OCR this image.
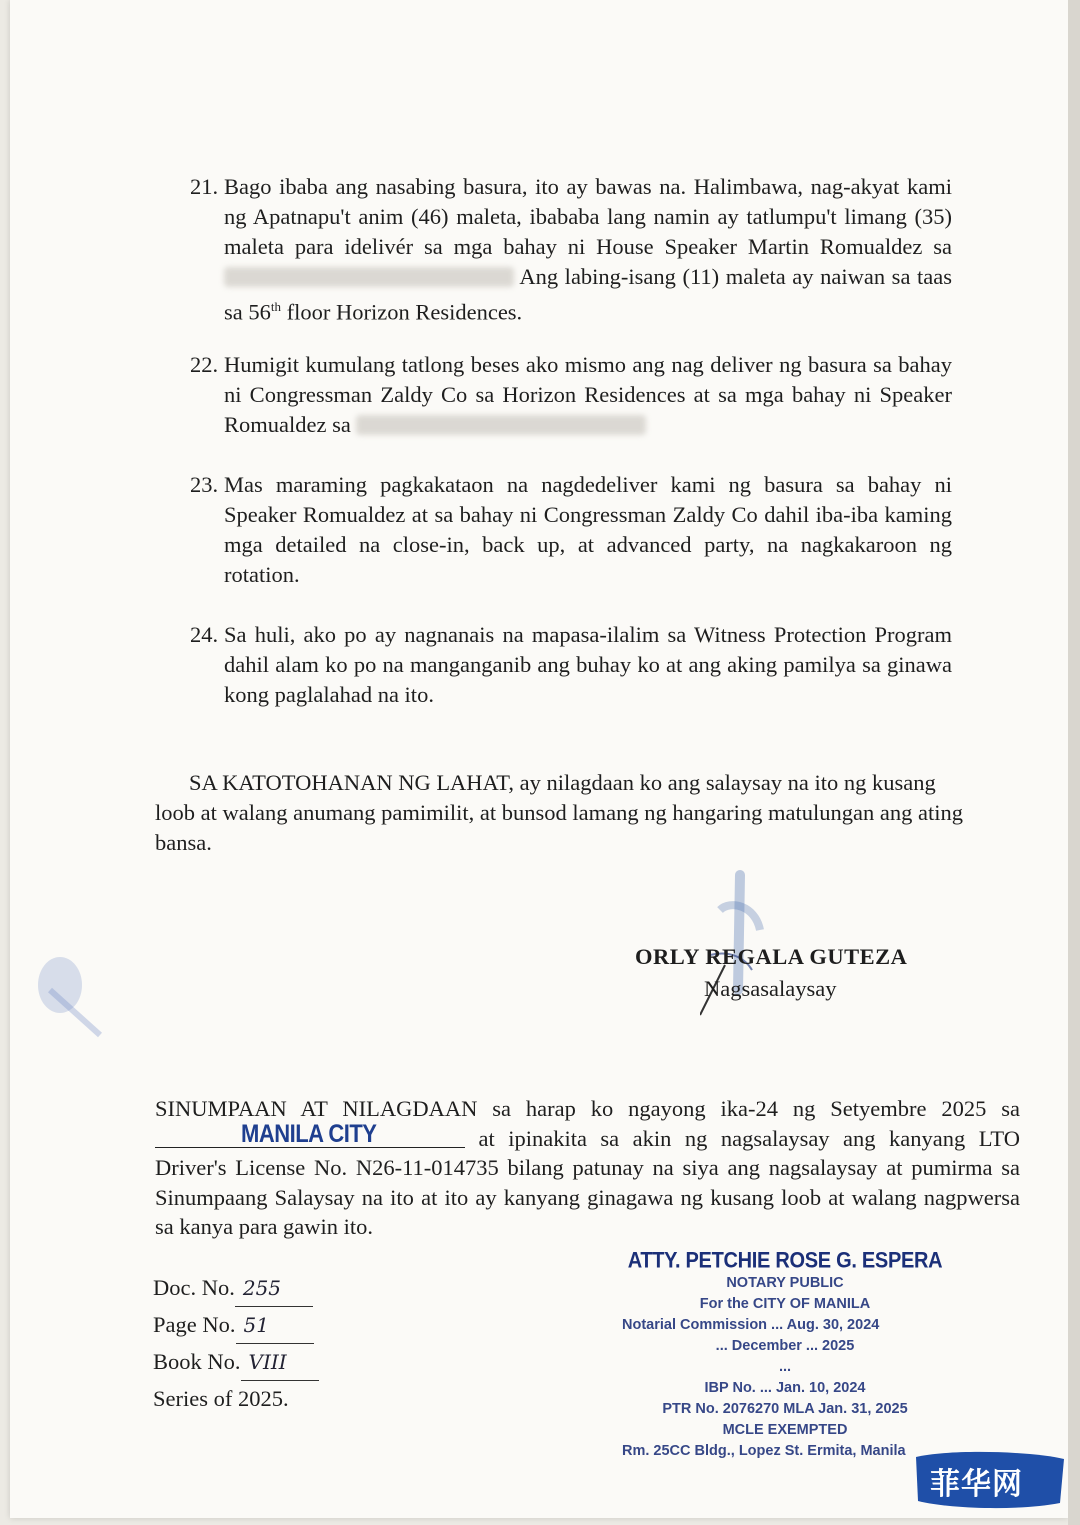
21. Bago ibaba ang nasabing basura, ito ay bawas na. Halimbawa, nag-akyat kami ng Apatnapu't anim (46) maleta, ibababa lang namin ay tatlumpu't limang (35) maleta para idelivér sa mga bahay ni House Speaker Martin Romualdez sa  Ang labing-isang (11) maleta ay naiwan sa taas sa 56th floor Horizon Residences.
22. Humigit kumulang tatlong beses ako mismo ang nag deliver ng basura sa bahay ni Congressman Zaldy Co sa Horizon Residences at sa mga bahay ni Speaker Romualdez sa
23. Mas maraming pagkakataon na nagdedeliver kami ng basura sa bahay ni Speaker Romualdez at sa bahay ni Congressman Zaldy Co dahil iba-iba kaming mga detailed na close-in, back up, at advanced party, na nagkakaroon ng rotation.
24. Sa huli, ako po ay nagnanais na mapasa-ilalim sa Witness Protection Program dahil alam ko po na manganganib ang buhay ko at ang aking pamilya sa ginawa kong paglalahad na ito.
SA KATOTOHANAN NG LAHAT, ay nilagdaan ko ang salaysay na ito ng kusang loob at walang anumang pamimilit, at bunsod lamang ng hangaring matulungan ang ating bansa.
ORLY REGALA GUTEZA
Nagsasalaysay
SINUMPAAN AT NILAGDAAN sa harap ko ngayong ika-24 ng Setyembre 2025 sa
MANILA CITY	at ipinakita sa akin ng nagsalaysay ang kanyang LTO Driver's License No. N26-11-014735 bilang patunay na siya ang nagsalaysay at pumirma sa Sinumpaang Salaysay na ito at ito ay kanyang ginagawa ng kusang loob at walang nagpwersa sa kanya para gawin ito.
Doc. No. 255
Page No. 51
Book No. VIII
Series of 2025.
ATTY. PETCHIE ROSE G. ESPERA
NOTARY PUBLIC
For the CITY OF MANILA
Notarial Commission ... Aug. 30, 2024
... December ... 2025
...
IBP No. ... Jan. 10, 2024
PTR No. 2076270 MLA Jan. 31, 2025
MCLE EXEMPTED
Rm. 25CC Bldg., Lopez St. Ermita, Manila
菲华网
